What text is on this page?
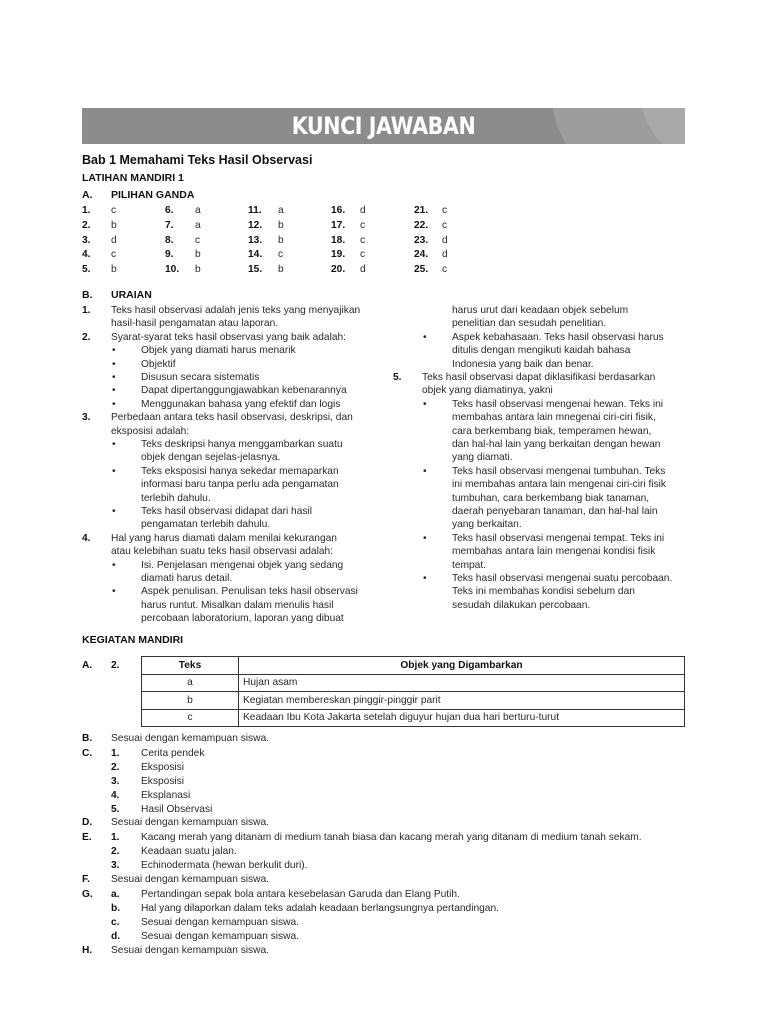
KUNCI JAWABAN
Bab 1 Memahami Teks Hasil Observasi
LATIHAN MANDIRI 1
A. PILIHAN GANDA
1. c	6. a	11. a	16. d	21. c
2. b	7. a	12. b	17. c	22. c
3. d	8. c	13. b	18. c	23. d
4. c	9. b	14. c	19. c	24. d
5. b	10. b	15. b	20. d	25. c
B. URAIAN
1. Teks hasil observasi adalah jenis teks yang menyajikan
hasil-hasil pengamatan atau laporan.
2. Syarat-syarat teks hasil observasi yang baik adalah:
• Objek yang diamati harus menarik
• Objektif
• Disusun secara sistematis
• Dapat dipertanggungjawabkan kebenarannya
• Menggunakan bahasa yang efektif dan logis
3. Perbedaan antara teks hasil observasi, deskripsi, dan
eksposisi adalah:
• Teks deskripsi hanya menggambarkan suatu
objek dengan sejelas-jelasnya.
• Teks eksposisi hanya sekedar memaparkan
informasi baru tanpa perlu ada pengamatan
terlebih dahulu.
• Teks hasil observasi didapat dari hasil
pengamatan terlebih dahulu.
4. Hal yang harus diamati dalam menilai kekurangan
atau kelebihan suatu teks hasil observasi adalah:
• Isi. Penjelasan mengenai objek yang sedang
diamati harus detail.
• Aspek penulisan. Penulisan teks hasil observasi
harus runtut. Misalkan dalam menulis hasil
percobaan laboratorium, laporan yang dibuat
harus urut dari keadaan objek sebelum
penelitian dan sesudah penelitian.
• Aspek kebahasaan. Teks hasil observasi harus
ditulis dengan mengikuti kaidah bahasa
Indonesia yang baik dan benar.
5. Teks hasil observasi dapat diklasifikasi berdasarkan
objek yang diamatinya, yakni
• Teks hasil observasi mengenai hewan. Teks ini
membahas antara lain mnegenai ciri-ciri fisik,
cara berkembang biak, temperamen hewan,
dan hal-hal lain yang berkaitan dengan hewan
yang diamati.
• Teks hasil observasi mengenai tumbuhan. Teks
ini membahas antara lain mengenai ciri-ciri fisik
tumbuhan, cara berkembang biak tanaman,
daerah penyebaran tanaman, dan hal-hal lain
yang berkaitan.
• Teks hasil observasi mengenai tempat. Teks ini
membahas antara lain mengenai kondisi fisik
tempat.
• Teks hasil observasi mengenai suatu percobaan.
Teks ini membahas kondisi sebelum dan
sesudah dilakukan percobaan.
KEGIATAN MANDIRI
A. 2.	Teks	Objek yang Digambarkan
a	Hujan asam
b	Kegiatan membereskan pinggir-pinggir parit
c	Keadaan Ibu Kota Jakarta setelah diguyur hujan dua hari berturu-turut
B. Sesuai dengan kemampuan siswa.
C. 1. Cerita pendek
2. Eksposisi
3. Eksposisi
4. Eksplanasi
5. Hasil Observasi
D. Sesuai dengan kemampuan siswa.
E. 1. Kacang merah yang ditanam di medium tanah biasa dan kacang merah yang ditanam di medium tanah sekam.
2. Keadaan suatu jalan.
3. Echinodermata (hewan berkulit duri).
F. Sesuai dengan kemampuan siswa.
G. a. Pertandingan sepak bola antara kesebelasan Garuda dan Elang Putih.
b. Hal yang dilaporkan dalam teks adalah keadaan berlangsungnya pertandingan.
c. Sesuai dengan kemampuan siswa.
d. Sesuai dengan kemampuan siswa.
H. Sesuai dengan kemampuan siswa.
